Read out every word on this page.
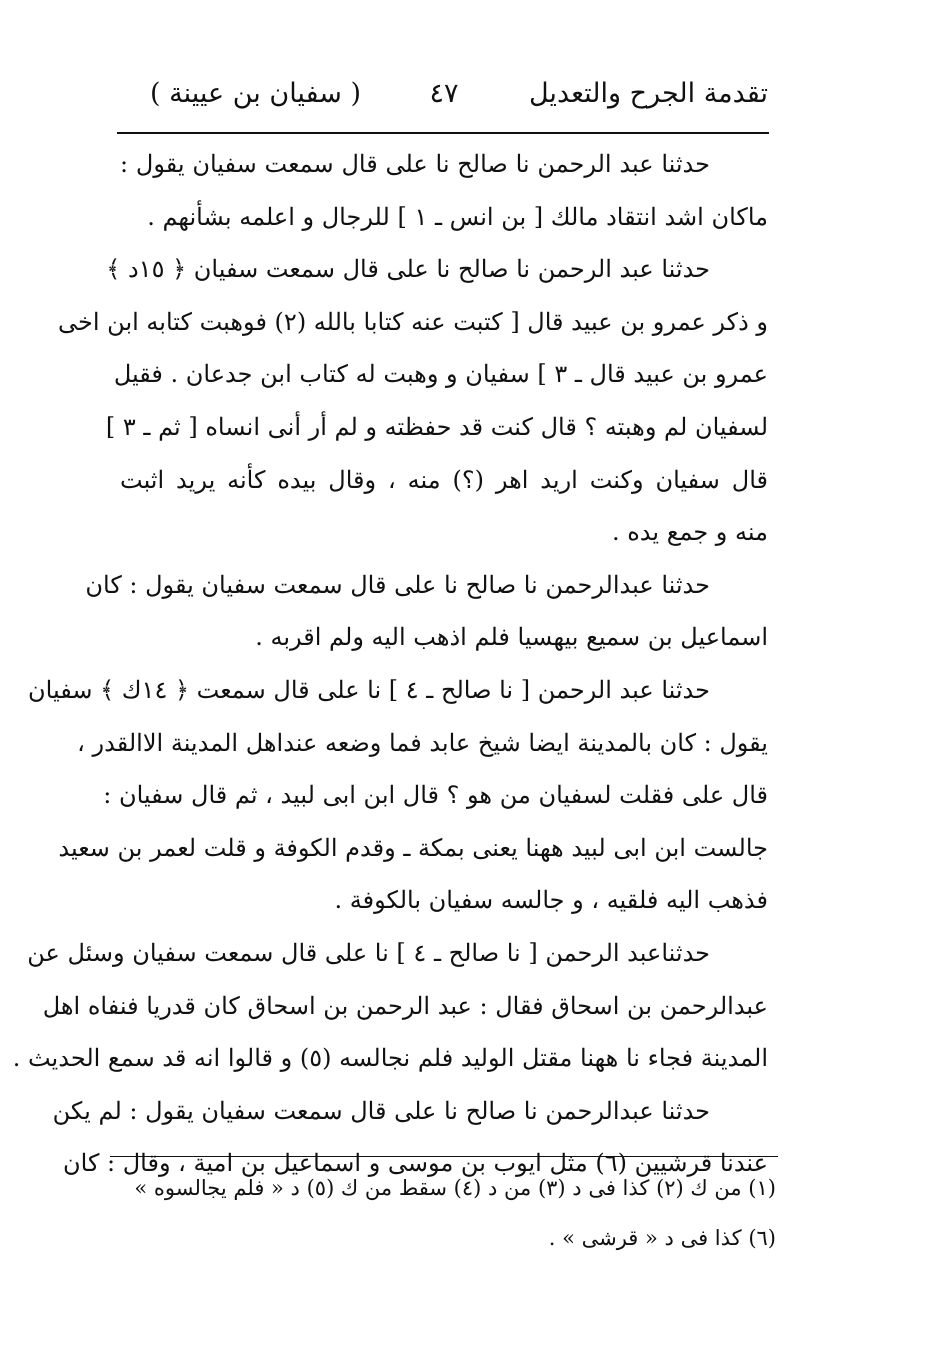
تقدمة الجرح والتعديل
٤٧
( سفيان بن عيينة )
حدثنا عبد الرحمن نا صالح نا على قال سمعت سفيان يقول :
ماكان اشد انتقاد مالك [ بن انس ـ ١ ] للرجال و اعلمه بشأنهم .
حدثنا عبد الرحمن نا صالح نا على قال سمعت سفيان ﴿ ١٥د ﴾
و ذكر عمرو بن عبيد قال [ كتبت عنه كتابا بالله (٢) فوهبت كتابه ابن اخى
عمرو بن عبيد قال ـ ٣ ] سفيان و وهبت له كتاب ابن جدعان . فقيل
لسفيان لم وهبته ؟ قال كنت قد حفظته و لم أر أنى انساه [ ثم ـ ٣ ]
قال سفيان وكنت اريد اهر (؟) منه ، وقال بيده كأنه يريد اثبت
منه و جمع يده .
حدثنا عبدالرحمن نا صالح نا على قال سمعت سفيان يقول : كان
اسماعيل بن سميع بيهسيا فلم اذهب اليه ولم اقربه .
حدثنا عبد الرحمن [ نا صالح ـ ٤ ] نا على قال سمعت ﴿ ١٤ك ﴾ سفيان
يقول : كان بالمدينة ايضا شيخ عابد فما وضعه عنداهل المدينة الاالقدر ،
قال على فقلت لسفيان من هو ؟ قال ابن ابى لبيد ، ثم قال سفيان :
جالست ابن ابى لبيد ههنا يعنى بمكة ـ وقدم الكوفة و قلت لعمر بن سعيد
فذهب اليه فلقيه ، و جالسه سفيان بالكوفة .
حدثناعبد الرحمن [ نا صالح ـ ٤ ] نا على قال سمعت سفيان وسئل عن
عبدالرحمن بن اسحاق فقال : عبد الرحمن بن اسحاق كان قدريا فنفاه اهل
المدينة فجاء نا ههنا مقتل الوليد فلم نجالسه (٥) و قالوا انه قد سمع الحديث .
حدثنا عبدالرحمن نا صالح نا على قال سمعت سفيان يقول : لم يكن
عندنا قرشيين (٦) مثل ايوب بن موسى و اسماعيل بن امية ، وقال : كان
(١) من ك (٢) كذا فى د (٣) من د (٤) سقط من ك (٥) د « فلم يجالسوه »
(٦) كذا فى د « قرشى » .
